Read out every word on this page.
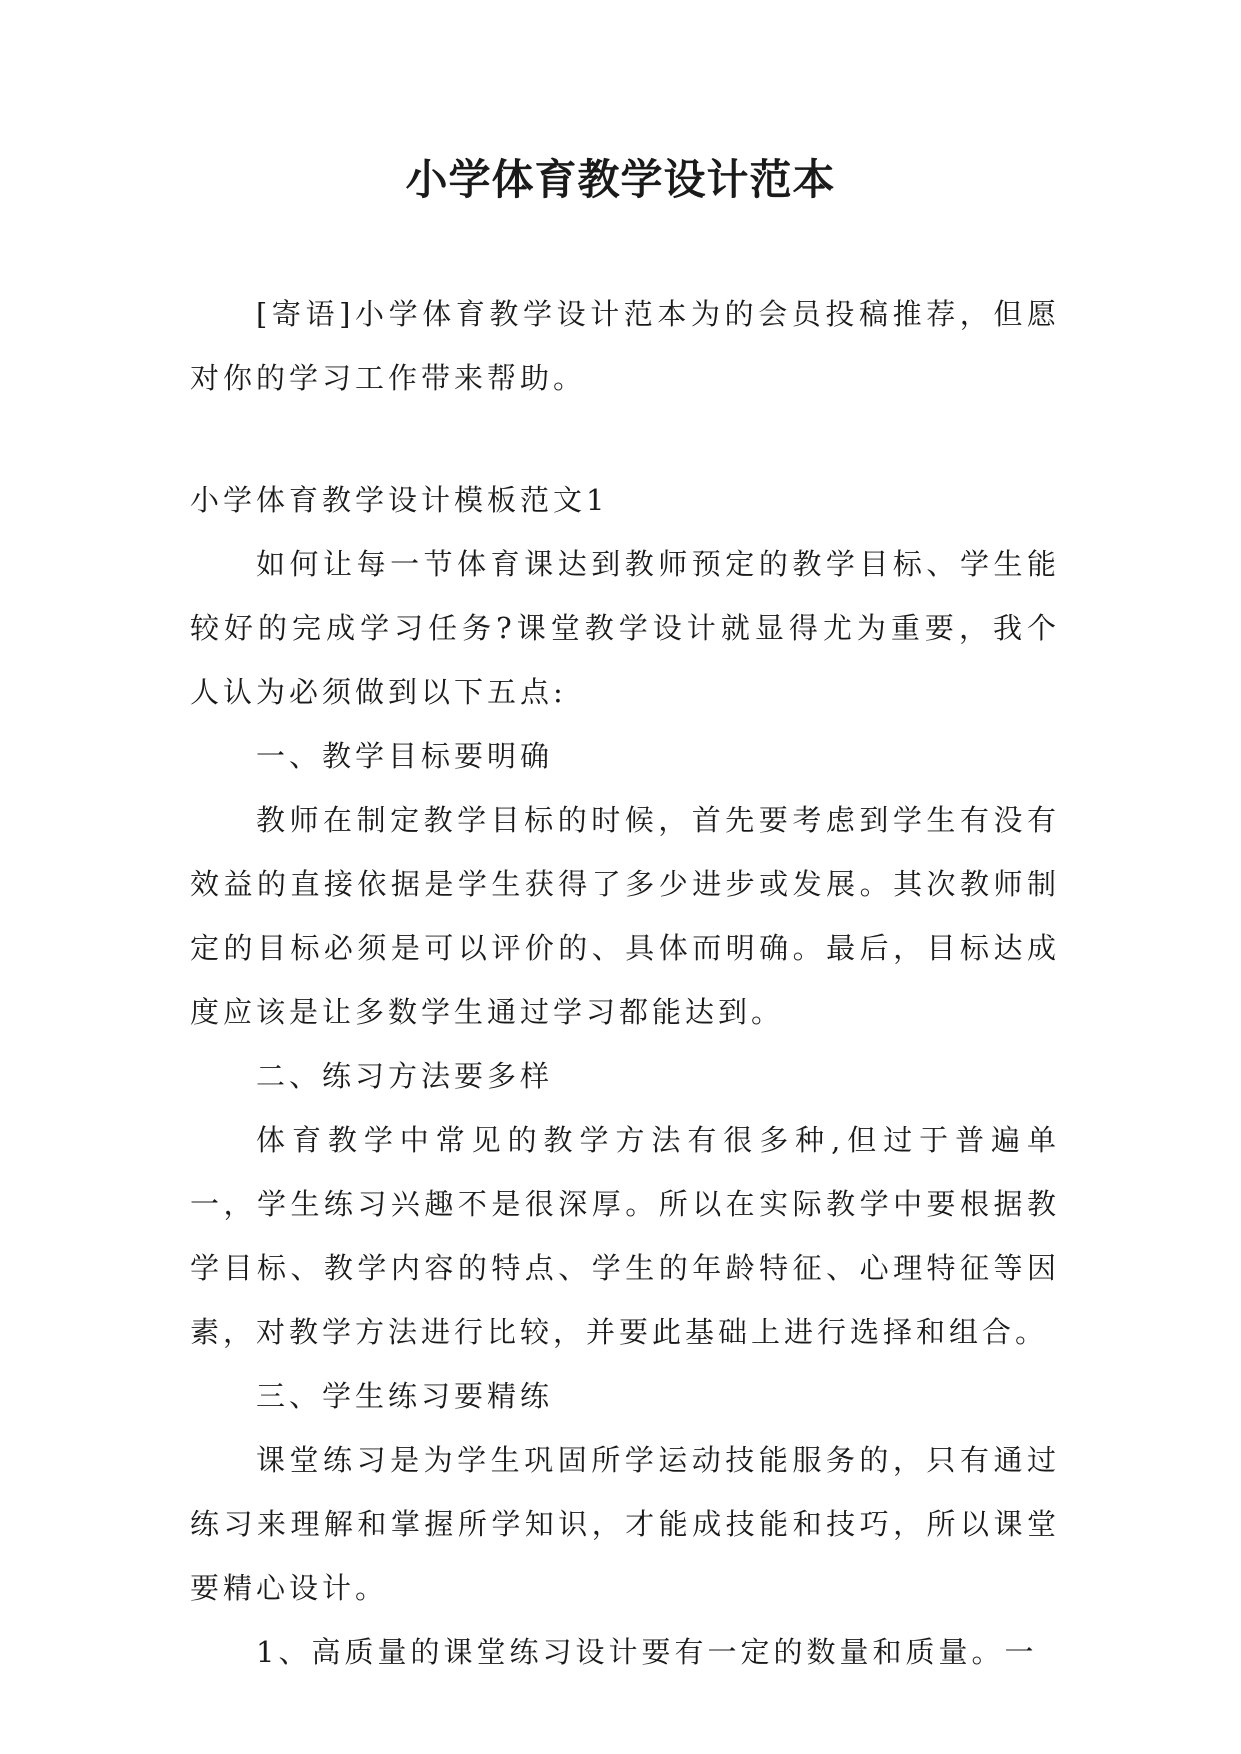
小学体育教学设计范本

[寄语]小学体育教学设计范本为的会员投稿推荐，但愿对你的学习工作带来帮助。

小学体育教学设计模板范文1

如何让每一节体育课达到教师预定的教学目标、学生能较好的完成学习任务?课堂教学设计就显得尤为重要，我个人认为必须做到以下五点:

一、教学目标要明确

教师在制定教学目标的时候，首先要考虑到学生有没有效益的直接依据是学生获得了多少进步或发展。其次教师制定的目标必须是可以评价的、具体而明确。最后，目标达成度应该是让多数学生通过学习都能达到。

二、练习方法要多样

体育教学中常见的教学方法有很多种,但过于普遍单一，学生练习兴趣不是很深厚。所以在实际教学中要根据教学目标、教学内容的特点、学生的年龄特征、心理特征等因素，对教学方法进行比较，并要此基础上进行选择和组合。

三、学生练习要精练

课堂练习是为学生巩固所学运动技能服务的，只有通过练习来理解和掌握所学知识，才能成技能和技巧，所以课堂要精心设计。

1、高质量的课堂练习设计要有一定的数量和质量。一
